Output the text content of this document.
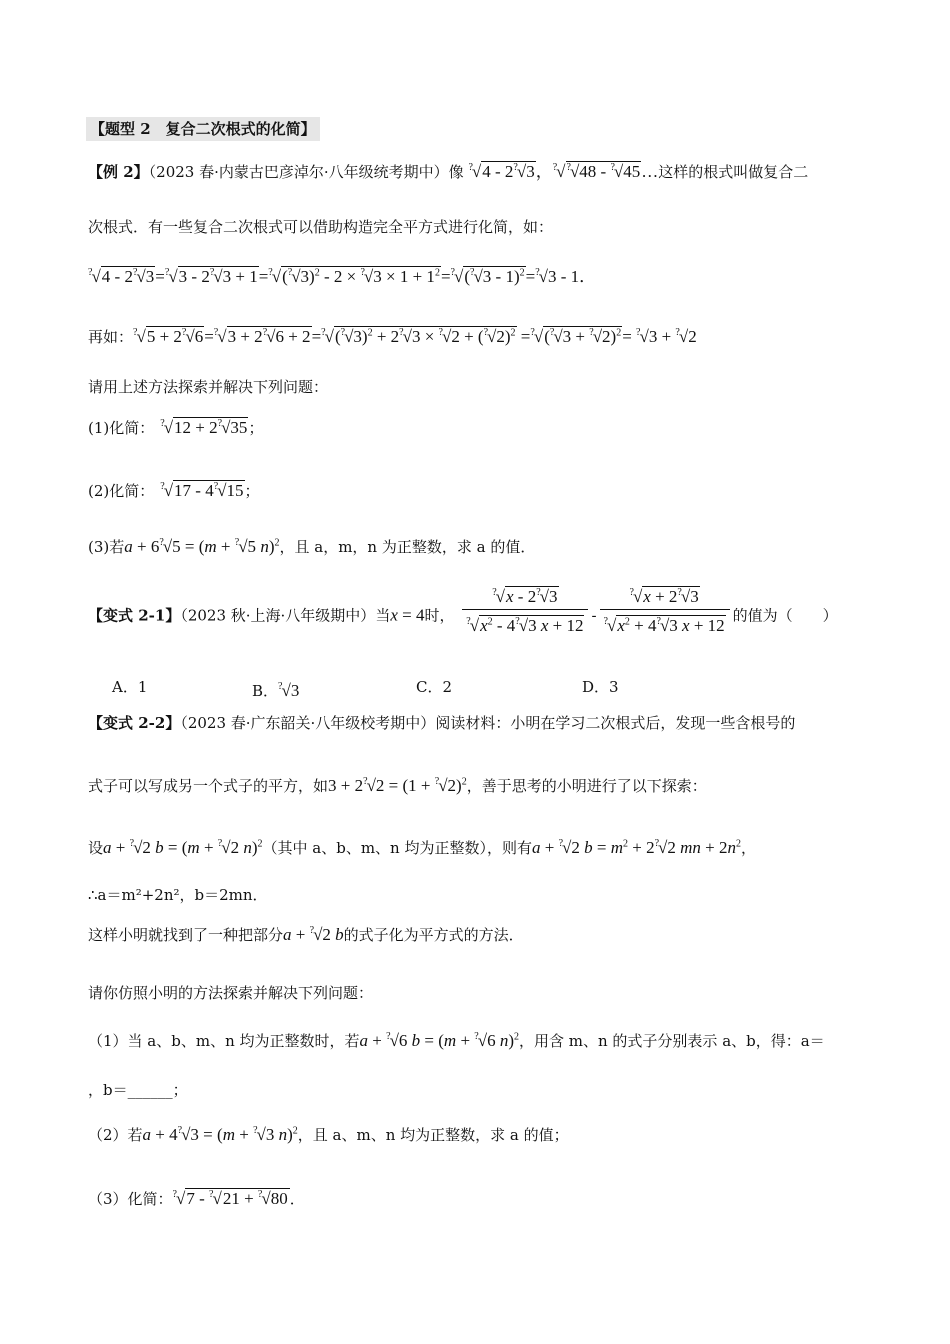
【题型 2　复合二次根式的化简】
【例 2】（2023 春·内蒙古巴彦淖尔·八年级统考期中）像 ?√4 - 2?√3，?√?√48 - ?√45…这样的根式叫做复合二
次根式．有一些复合二次根式可以借助构造完全平方式进行化简，如：
$^?√4 - 2^?√3=^?√3 - 2^?√3 + 1=^?√(^?√3)^2 - 2 \times ^?√3 \times 1 + 1^2=^?√(^?√3 - 1)^2=^?√3 - 1$．
再如：$^?√5 + 2^?√6=^?√3 + 2^?√6 + 2=^?√(^?√3)^2 + 2^?√3 \times ^?√2 + (^?√2)^2 =^?√(^?√3 + ^?√2)^2= ^?√3 + ^?√2$
请用上述方法探索并解决下列问题：
(1)化简： ?√12 + 2?√35；
(2)化简： ?√17 - 4?√15；
(3)若a + 6?√5 = (m + ?√5 n)$^2$，且 a，m，n 为正整数，求 a 的值．
【变式 2-1】（2023 秋·上海·八年级期中）当x = 4时， $\frac{^?√x - 2^?√3}{^?√x^2 - 4^?√3 x + 12} - \frac{^?√x + 2^?√3}{^?√x^2 + 4^?√3 x + 12}$ 的值为（　　）
A．1	B．?√3	C．2	D．3
【变式 2-2】（2023 春·广东韶关·八年级校考期中）阅读材料：小明在学习二次根式后，发现一些含根号的
式子可以写成另一个式子的平方，如$3 + 2^?√2 = (1 + ^?√2)^2$，善于思考的小明进行了以下探索：
设a + ?√2 b = (m + ?√2 n)$^2$（其中 a、b、m、n 均为正整数），则有a + ?√2 $b = m^2 + 2^?√2$ mn + $2n^2$，
∴a＝m²+2n²，b＝2mn．
这样小明就找到了一种把部分a + ?√2 b的式子化为平方式的方法．
请你仿照小明的方法探索并解决下列问题：
（1）当 a、b、m、n 均为正整数时，若a + ?√6 b = (m + ?√6 n)$^2$，用含 m、n 的式子分别表示 a、b，得：a＝
，b＝______；
（2）若a + 4?√3 = (m + ?√3 n)$^2$，且 a、m、n 均为正整数，求 a 的值；
（3）化简：?√7 - ?√21 + ?√80 ．
